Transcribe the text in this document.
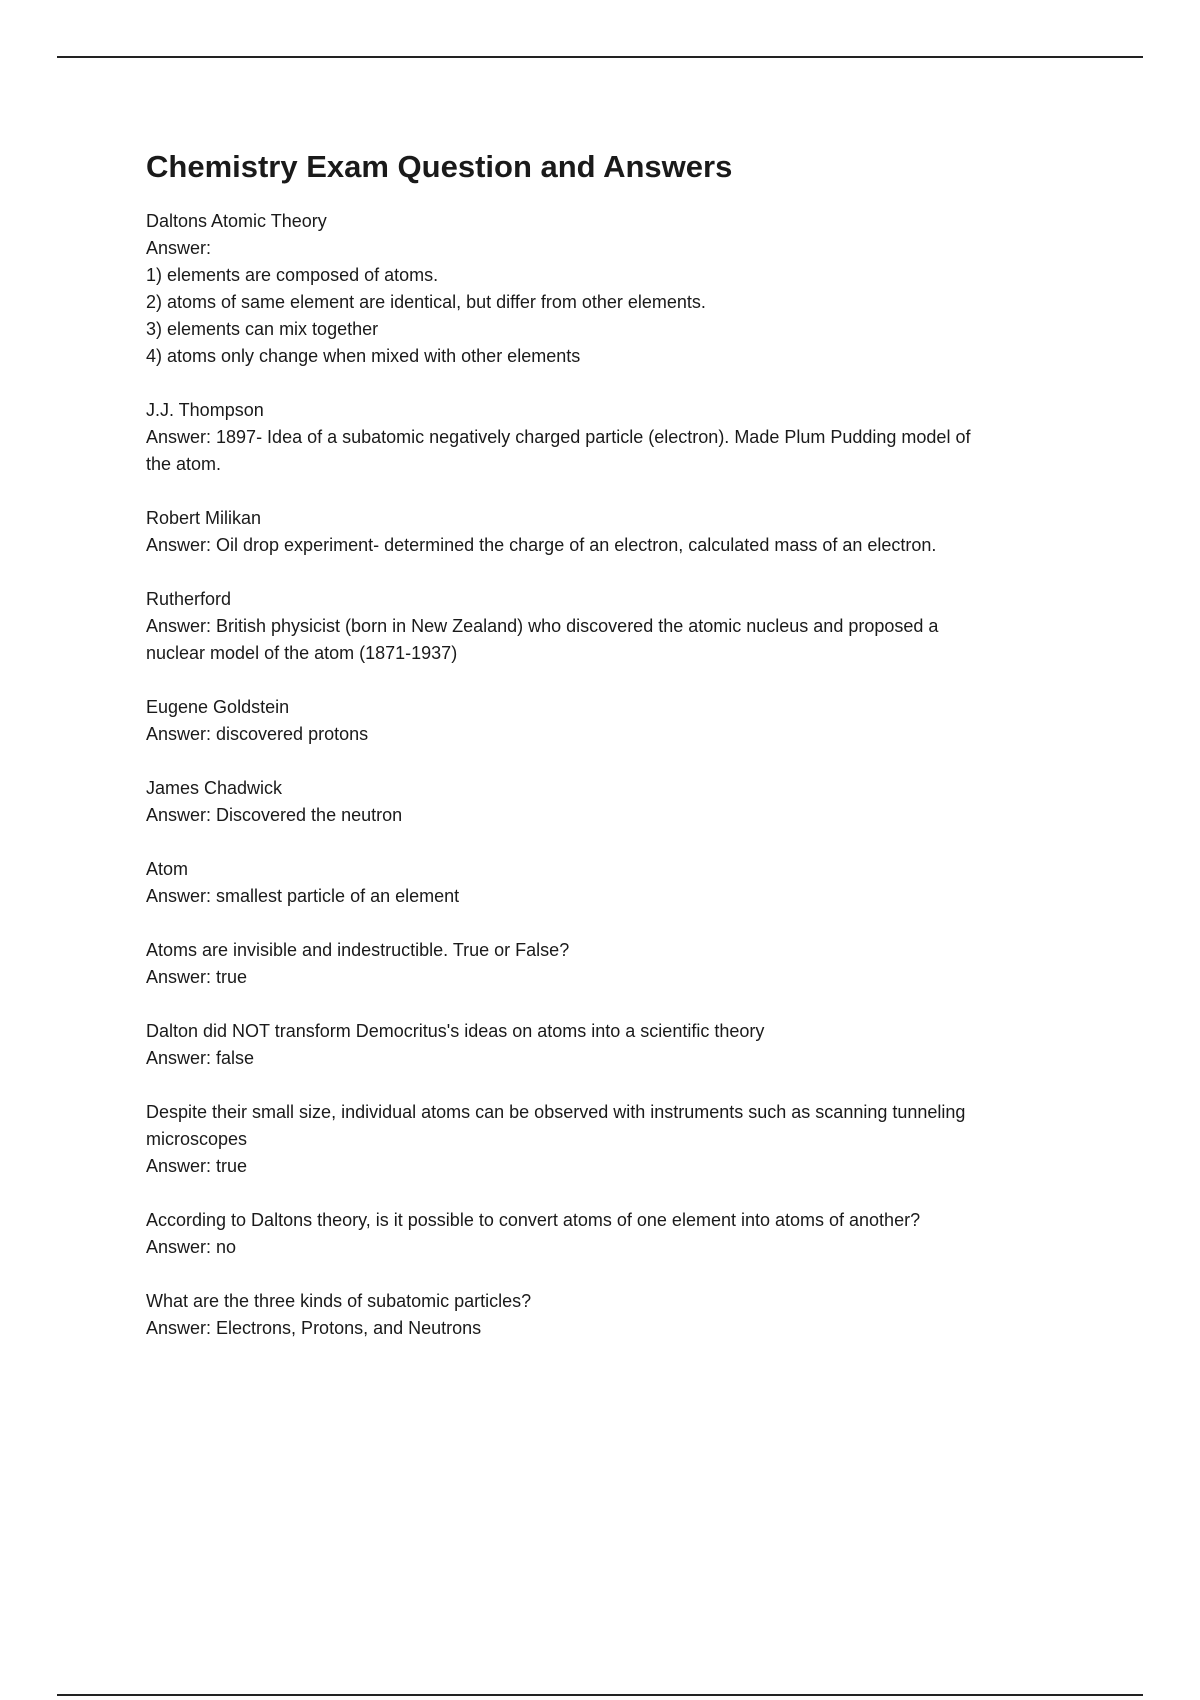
Chemistry Exam Question and Answers

Daltons Atomic Theory

Answer:

1) elements are composed of atoms.

2) atoms of same element are identical, but differ from other elements.

3) elements can mix together

4) atoms only change when mixed with other elements

J.J. Thompson

Answer: 1897- Idea of a subatomic negatively charged particle (electron). Made Plum Pudding model of

the atom.

Robert Milikan

Answer: Oil drop experiment- determined the charge of an electron, calculated mass of an electron.

Rutherford

Answer: British physicist (born in New Zealand) who discovered the atomic nucleus and proposed a

nuclear model of the atom (1871-1937)

Eugene Goldstein

Answer: discovered protons

James Chadwick

Answer: Discovered the neutron

Atom

Answer: smallest particle of an element

Atoms are invisible and indestructible. True or False?

Answer: true

Dalton did NOT transform Democritus's ideas on atoms into a scientific theory

Answer: false

Despite their small size, individual atoms can be observed with instruments such as scanning tunneling

microscopes

Answer: true

According to Daltons theory, is it possible to convert atoms of one element into atoms of another?

Answer: no

What are the three kinds of subatomic particles?

Answer: Electrons, Protons, and Neutrons
